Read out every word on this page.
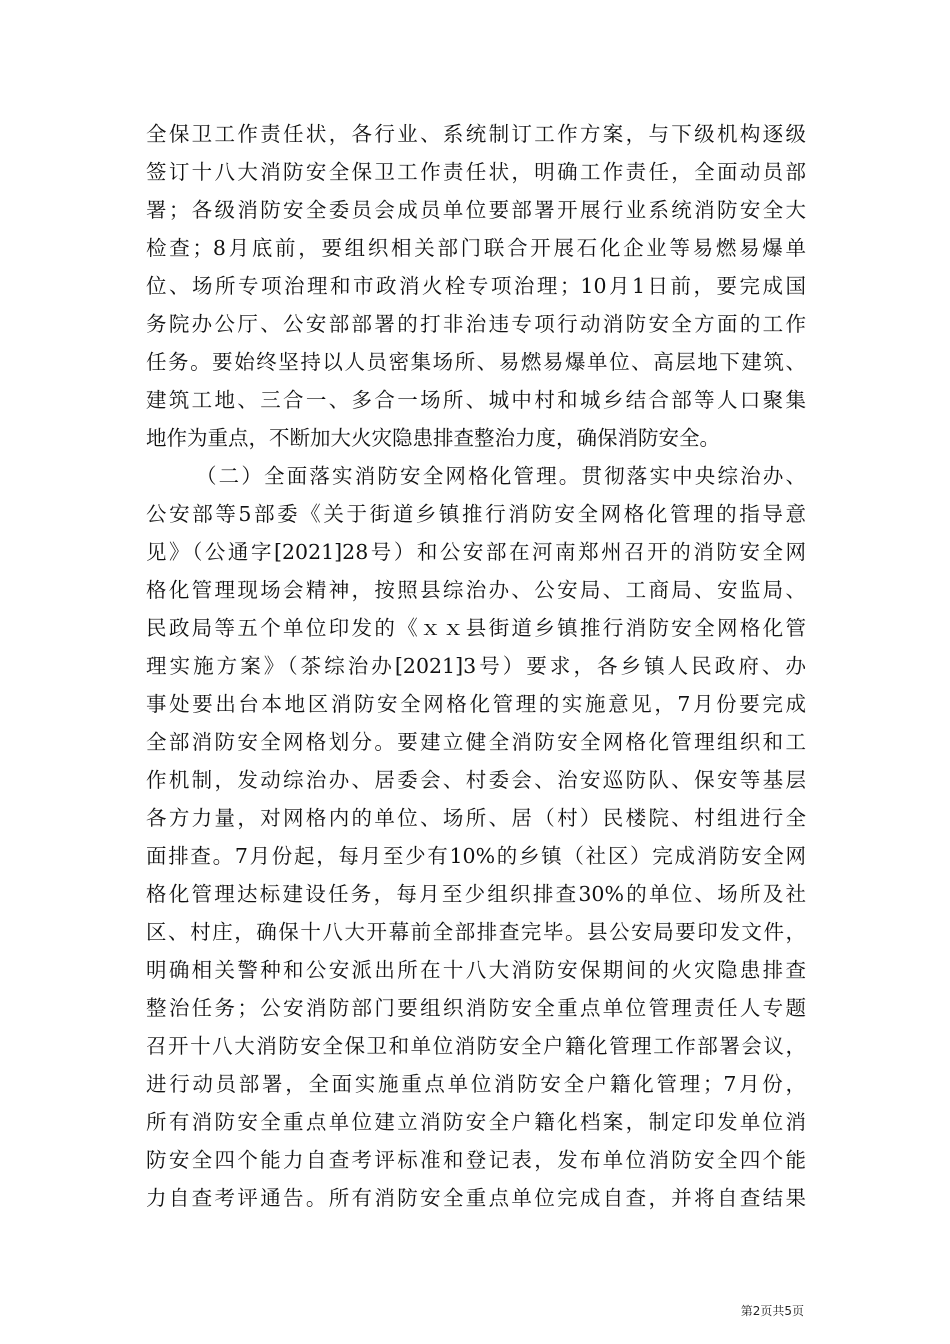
全保卫工作责任状，各行业、系统制订工作方案，与下级机构逐级
签订十八大消防安全保卫工作责任状，明确工作责任，全面动员部
署；各级消防安全委员会成员单位要部署开展行业系统消防安全大
检查；8月底前，要组织相关部门联合开展石化企业等易燃易爆单
位、场所专项治理和市政消火栓专项治理；10月1日前，要完成国
务院办公厅、公安部部署的打非治违专项行动消防安全方面的工作
任务。要始终坚持以人员密集场所、易燃易爆单位、高层地下建筑、
建筑工地、三合一、多合一场所、城中村和城乡结合部等人口聚集
地作为重点，不断加大火灾隐患排查整治力度，确保消防安全。
（二）全面落实消防安全网格化管理。贯彻落实中央综治办、
公安部等5部委《关于街道乡镇推行消防安全网格化管理的指导意
见》（公通字[2021]28号）和公安部在河南郑州召开的消防安全网
格化管理现场会精神，按照县综治办、公安局、工商局、安监局、
民政局等五个单位印发的《ｘｘ县街道乡镇推行消防安全网格化管
理实施方案》（茶综治办[2021]3号）要求，各乡镇人民政府、办
事处要出台本地区消防安全网格化管理的实施意见，7月份要完成
全部消防安全网格划分。要建立健全消防安全网格化管理组织和工
作机制，发动综治办、居委会、村委会、治安巡防队、保安等基层
各方力量，对网格内的单位、场所、居（村）民楼院、村组进行全
面排查。7月份起，每月至少有10%的乡镇（社区）完成消防安全网
格化管理达标建设任务，每月至少组织排查30%的单位、场所及社
区、村庄，确保十八大开幕前全部排查完毕。县公安局要印发文件，
明确相关警种和公安派出所在十八大消防安保期间的火灾隐患排查
整治任务；公安消防部门要组织消防安全重点单位管理责任人专题
召开十八大消防安全保卫和单位消防安全户籍化管理工作部署会议，
进行动员部署，全面实施重点单位消防安全户籍化管理；7月份，
所有消防安全重点单位建立消防安全户籍化档案，制定印发单位消
防安全四个能力自查考评标准和登记表，发布单位消防安全四个能
力自查考评通告。所有消防安全重点单位完成自查，并将自查结果
第2页共5页
